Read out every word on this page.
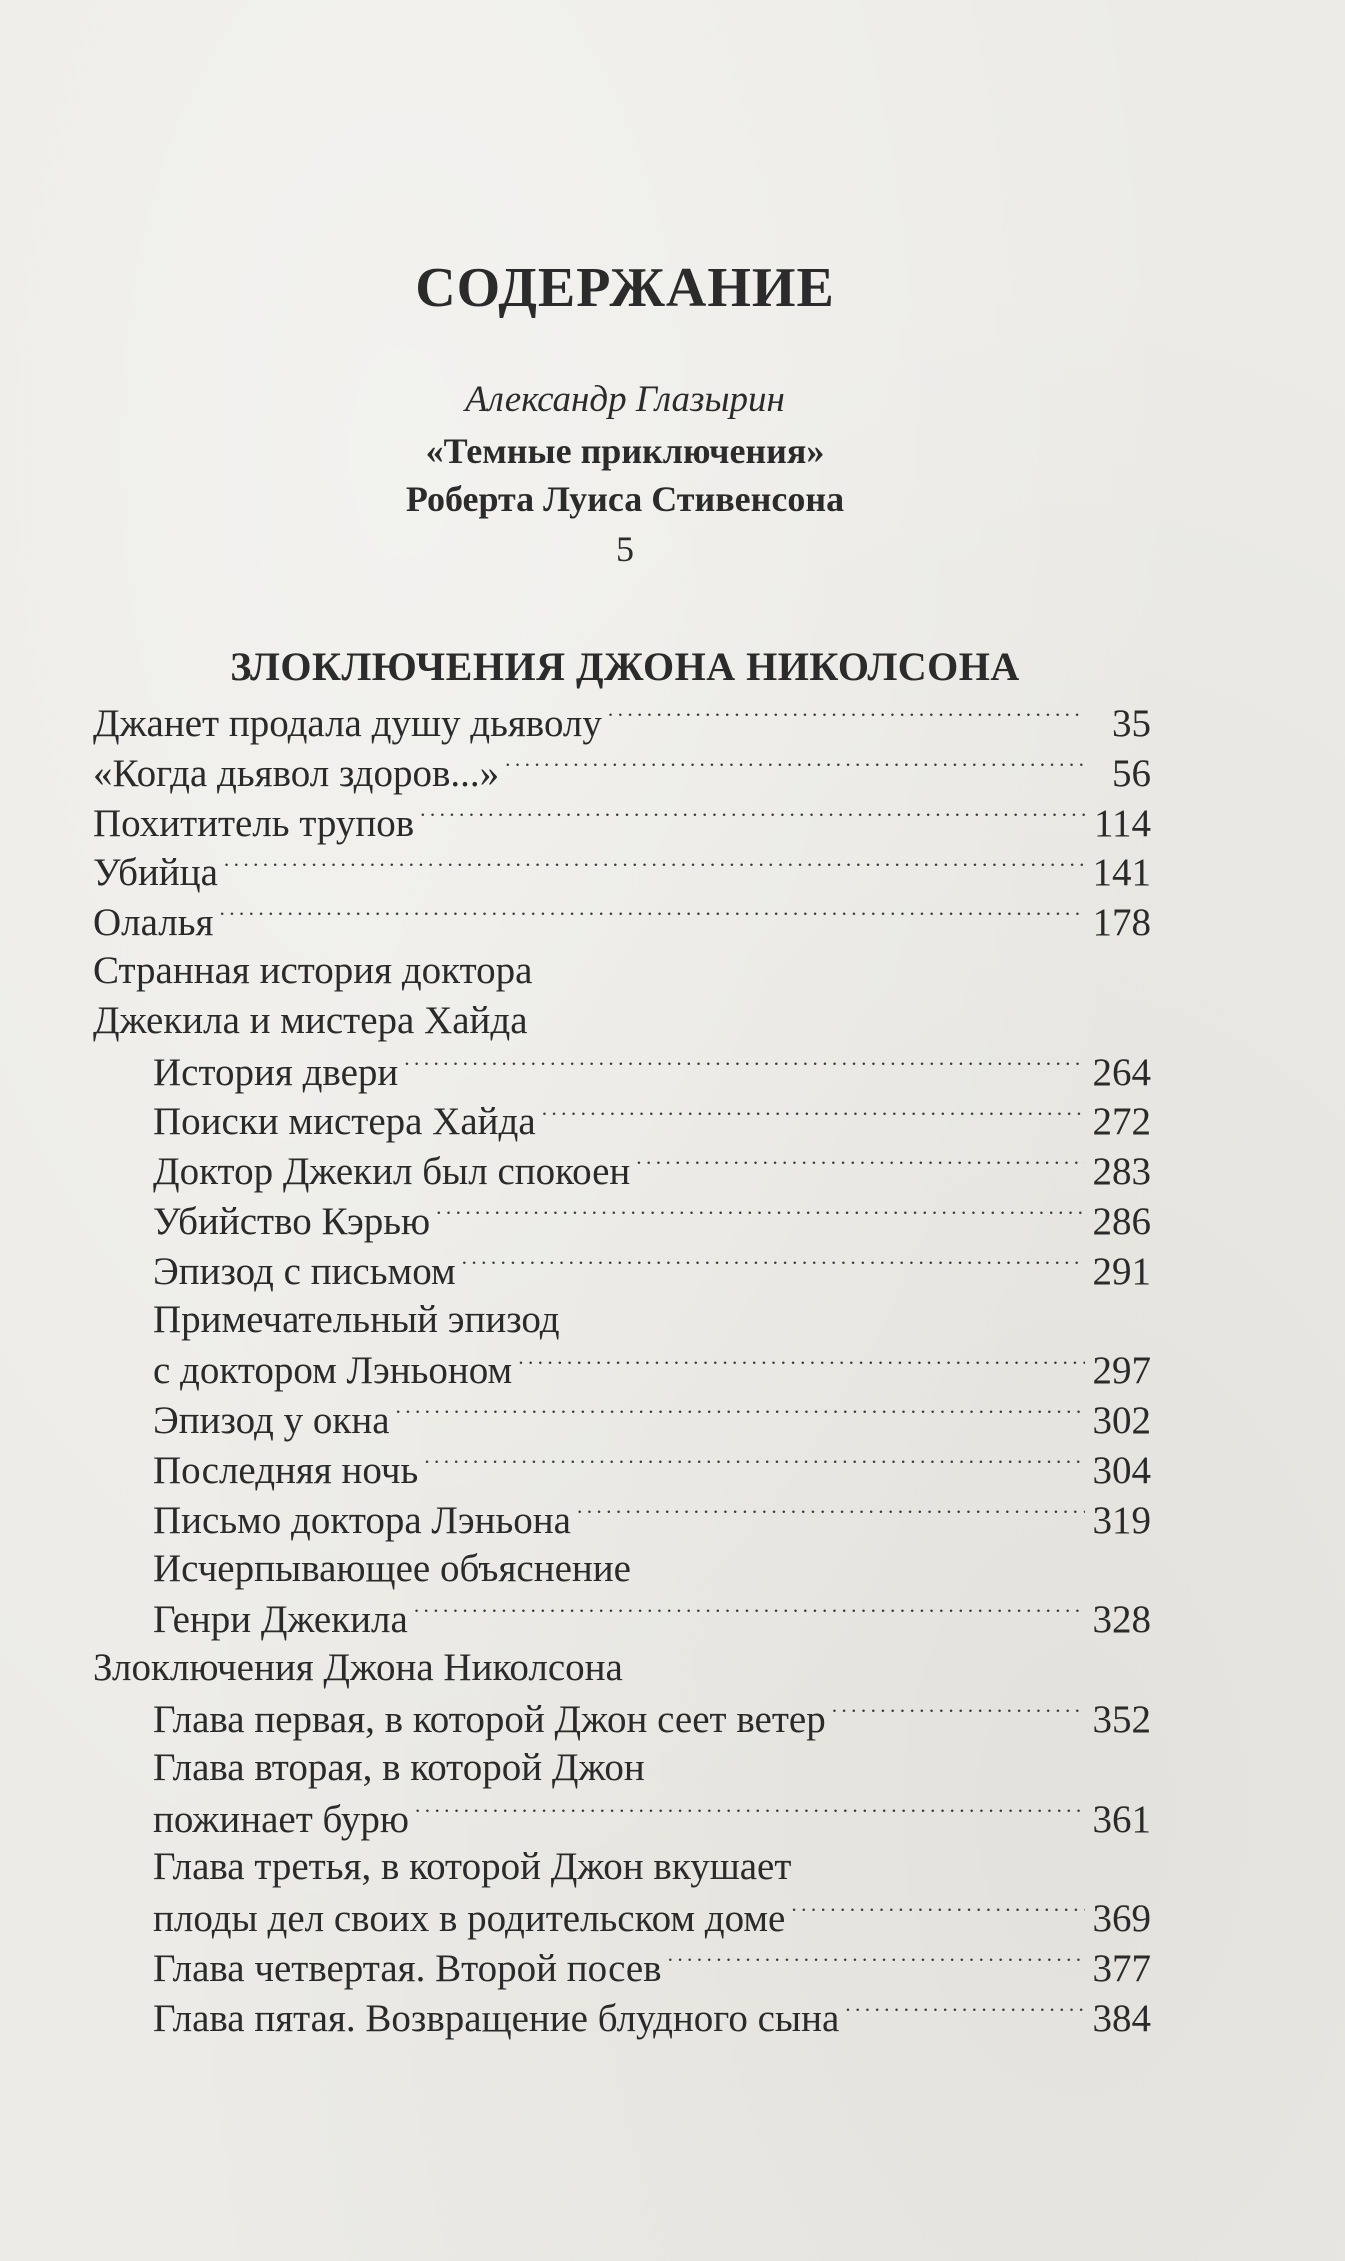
СОДЕРЖАНИЕ
Александр Глазырин
«Темные приключения»
Роберта Луиса Стивенсона
5
ЗЛОКЛЮЧЕНИЯ ДЖОНА НИКОЛСОНА
Джанет продала душу дьяволу . . .	35
«Когда дьявол здоров...» . . .	56
Похититель трупов . . .	114
Убийца . . .	141
Олалья . . .	178
Странная история доктора
Джекила и мистера Хайда
История двери . . .	264
Поиски мистера Хайда . . .	272
Доктор Джекил был спокоен . . .	283
Убийство Кэрью . . .	286
Эпизод с письмом . . .	291
Примечательный эпизод
с доктором Лэньоном . . .	297
Эпизод у окна . . .	302
Последняя ночь . . .	304
Письмо доктора Лэньона . . .	319
Исчерпывающее объяснение
Генри Джекила . . .	328
Злоключения Джона Николсона
Глава первая, в которой Джон сеет ветер . . .	352
Глава вторая, в которой Джон
пожинает бурю . . .	361
Глава третья, в которой Джон вкушает
плоды дел своих в родительском доме . . .	369
Глава четвертая. Второй посев . . .	377
Глава пятая. Возвращение блудного сына . . .	384
